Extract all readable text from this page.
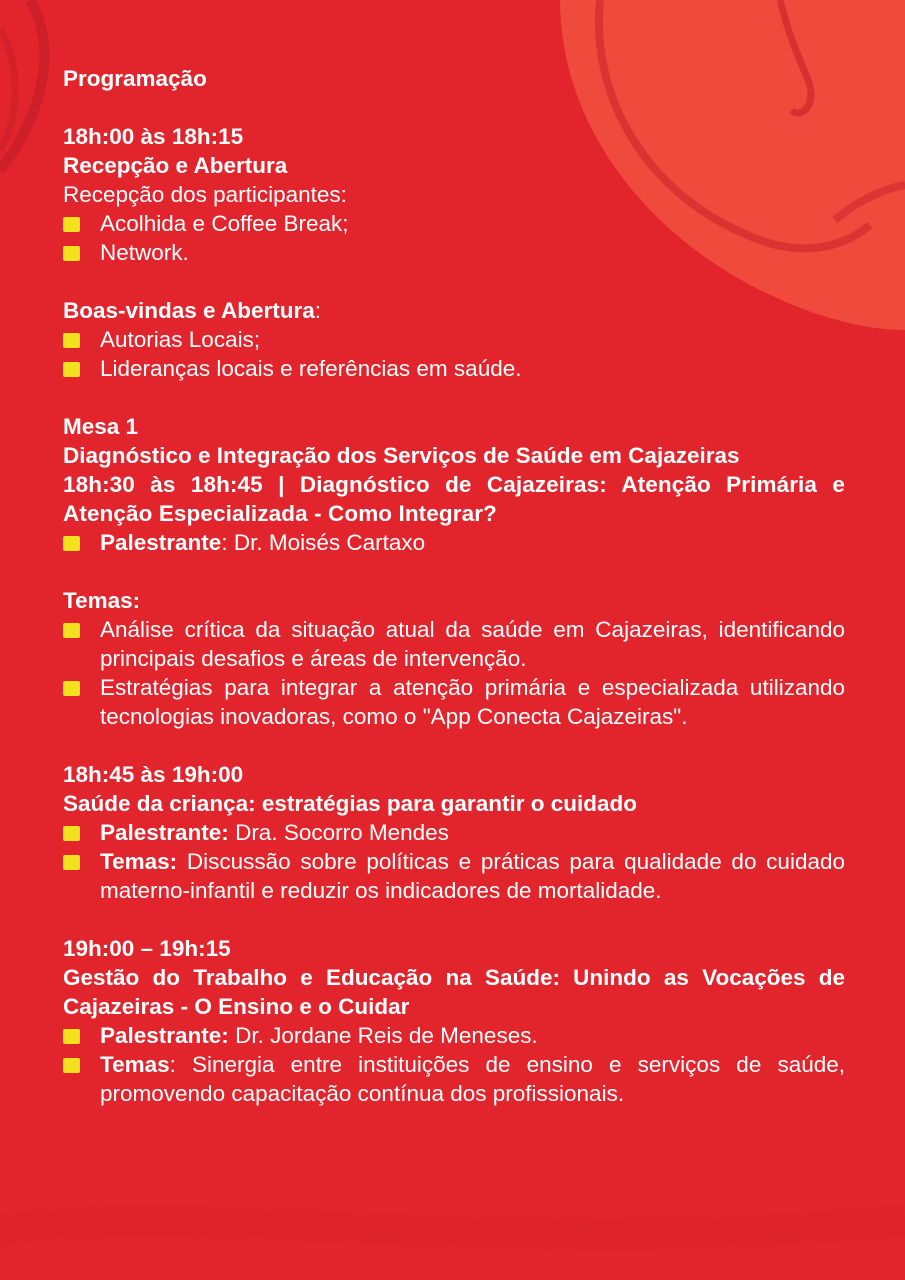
Programação

18h:00 às 18h:15
Recepção e Abertura
Recepção dos participantes:
Acolhida e Coffee Break;
Network.
Boas-vindas e Abertura:
Autorias Locais;
Lideranças locais e referências em saúde.
Mesa 1
Diagnóstico e Integração dos Serviços de Saúde em Cajazeiras
18h:30 às 18h:45 | Diagnóstico de Cajazeiras: Atenção Primária e Atenção Especializada - Como Integrar?
Palestrante: Dr. Moisés Cartaxo
Temas:
Análise crítica da situação atual da saúde em Cajazeiras, identificando principais desafios e áreas de intervenção.
Estratégias para integrar a atenção primária e especializada utilizando tecnologias inovadoras, como o "App Conecta Cajazeiras".
18h:45 às 19h:00
Saúde da criança: estratégias para garantir o cuidado
Palestrante: Dra. Socorro Mendes
Temas: Discussão sobre políticas e práticas para qualidade do cuidado materno-infantil e reduzir os indicadores de mortalidade.
19h:00 – 19h:15
Gestão do Trabalho e Educação na Saúde: Unindo as Vocações de Cajazeiras - O Ensino e o Cuidar
Palestrante: Dr. Jordane Reis de Meneses.
Temas: Sinergia entre instituições de ensino e serviços de saúde, promovendo capacitação contínua dos profissionais.
